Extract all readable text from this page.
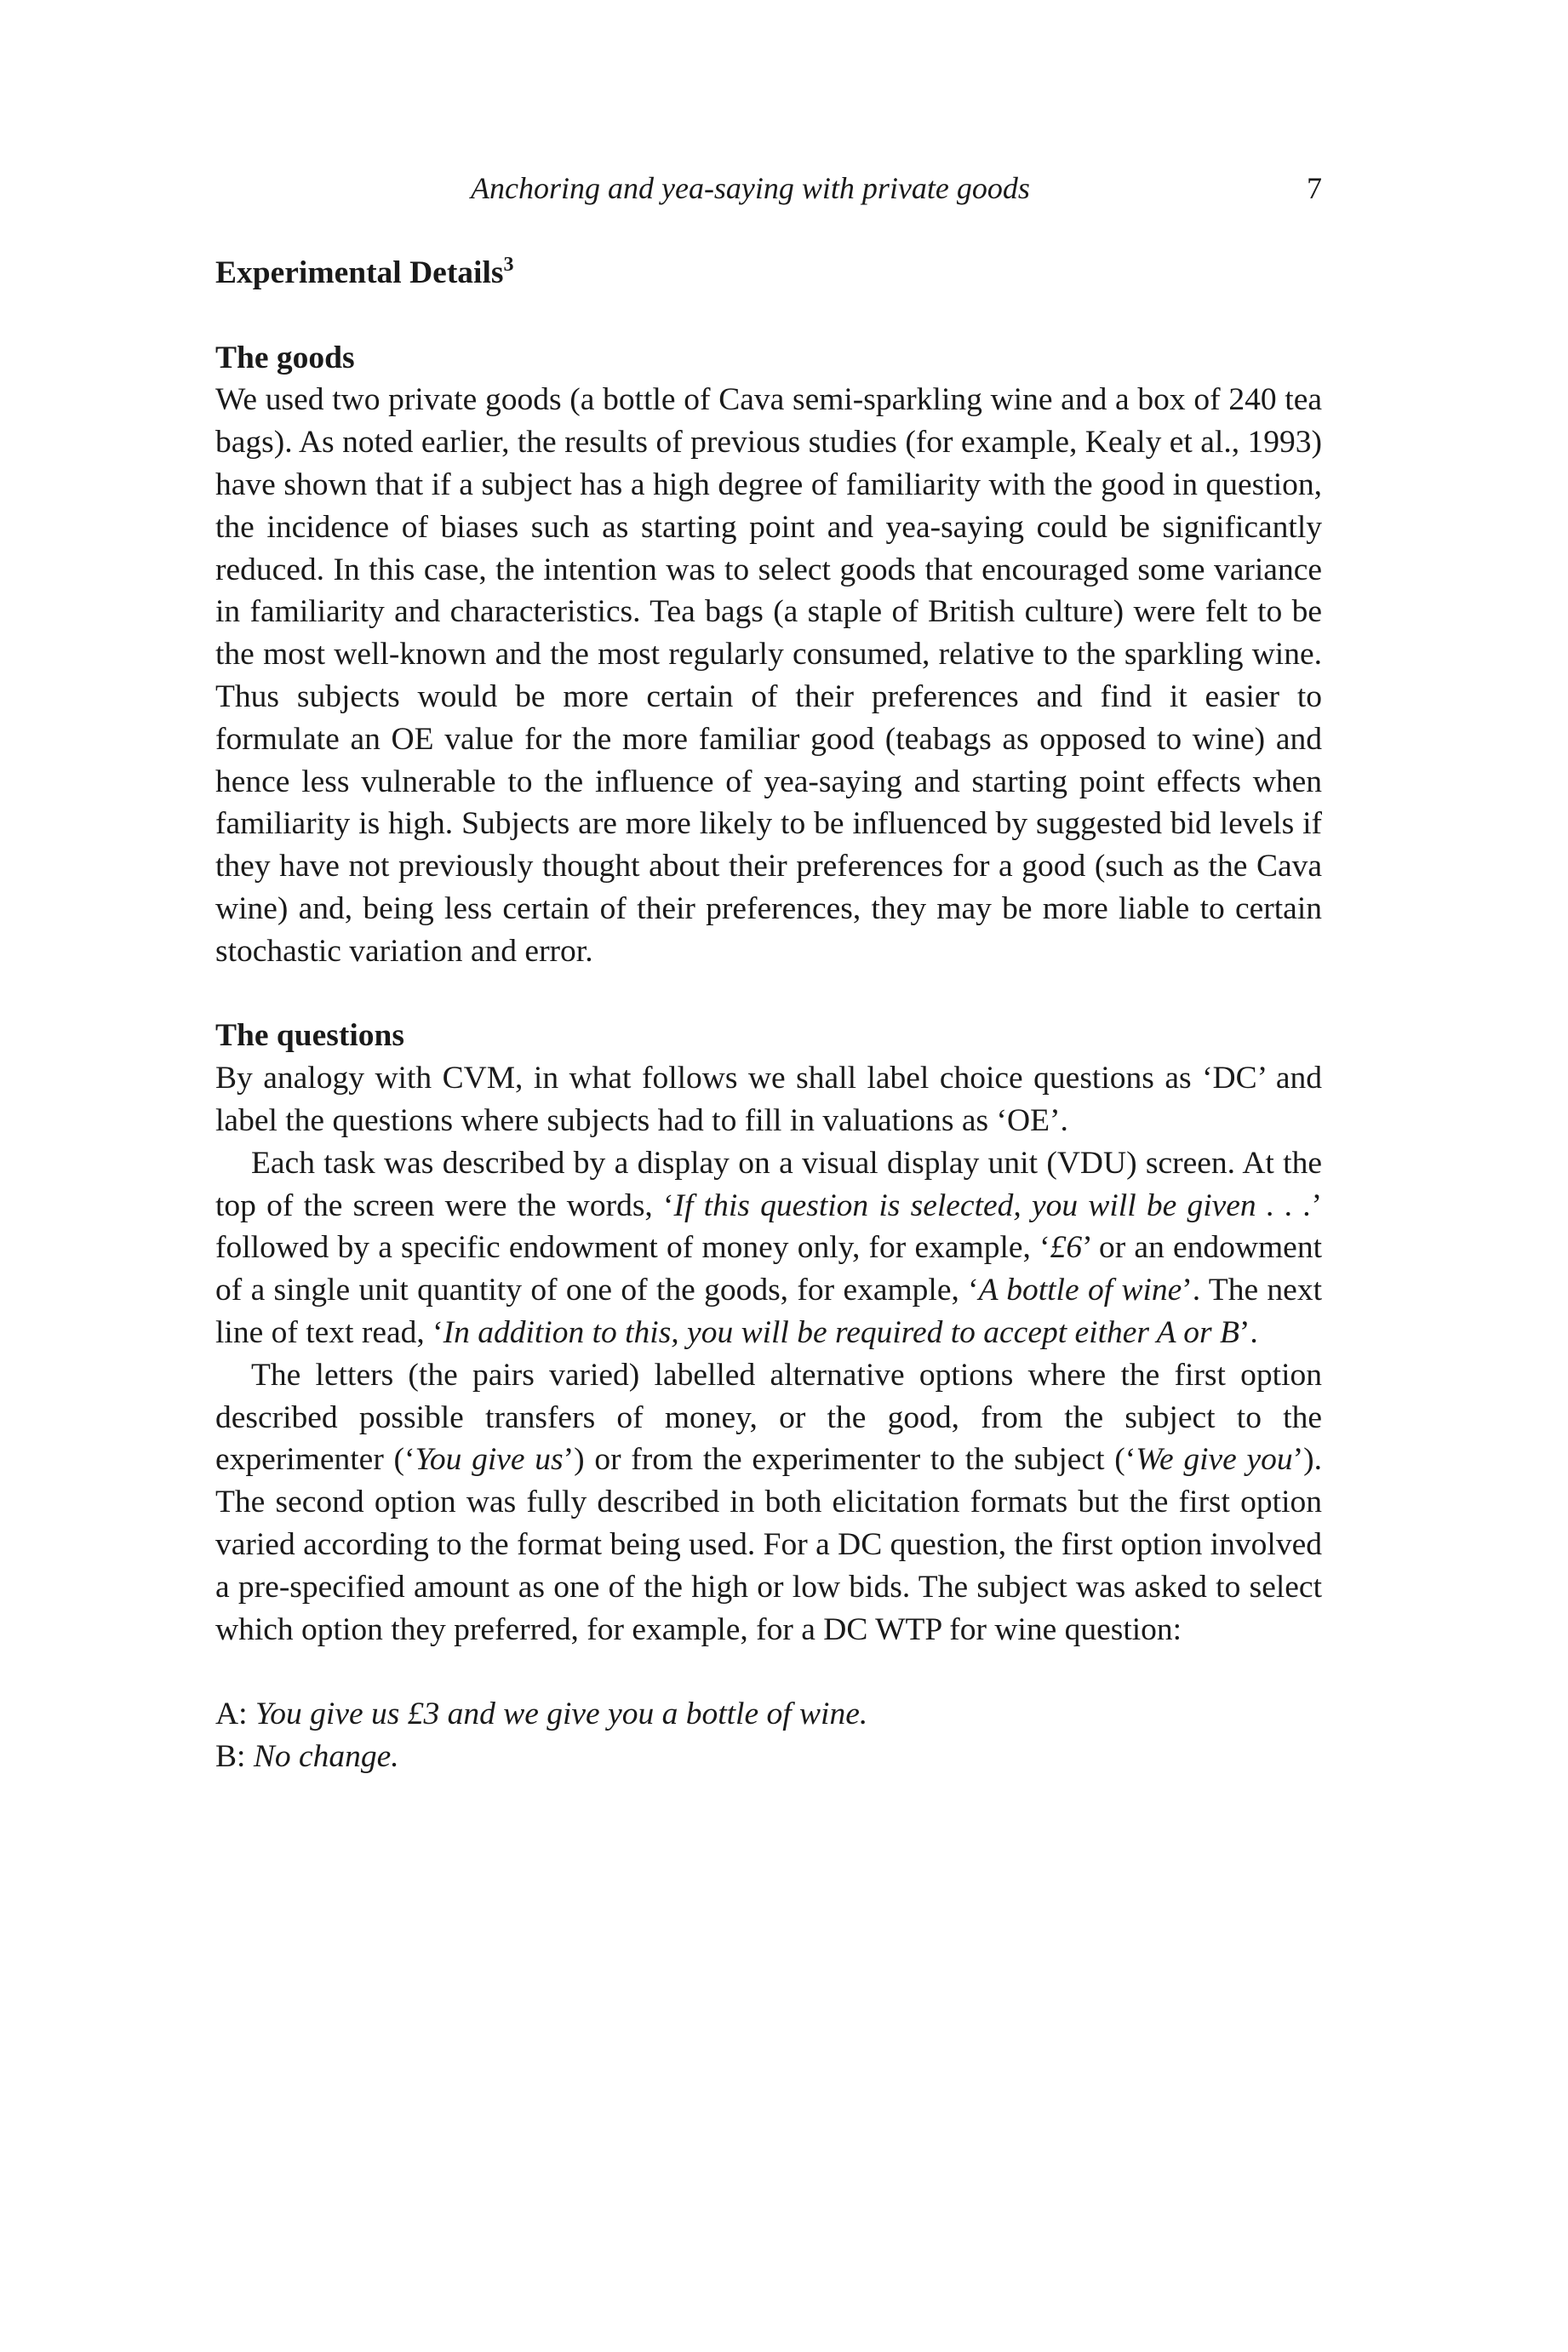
Anchoring and yea-saying with private goods	7
Experimental Details$^3$
The goods

We used two private goods (a bottle of Cava semi-sparkling wine and a box of 240 tea bags). As noted earlier, the results of previous studies (for example, Kealy et al., 1993) have shown that if a subject has a high degree of familiarity with the good in question, the incidence of biases such as starting point and yea-saying could be significantly reduced. In this case, the intention was to select goods that encouraged some variance in familiarity and characteristics. Tea bags (a staple of British culture) were felt to be the most well-known and the most regularly consumed, relative to the sparkling wine. Thus subjects would be more certain of their preferences and find it easier to formulate an OE value for the more familiar good (teabags as opposed to wine) and hence less vulnerable to the influence of yea-saying and starting point effects when familiarity is high. Subjects are more likely to be influenced by suggested bid levels if they have not previously thought about their preferences for a good (such as the Cava wine) and, being less certain of their preferences, they may be more liable to certain stochastic variation and error.

The questions

By analogy with CVM, in what follows we shall label choice questions as ‘DC’ and label the questions where subjects had to fill in valuations as ‘OE’.

Each task was described by a display on a visual display unit (VDU) screen. At the top of the screen were the words, ‘If this question is selected, you will be given . . .’ followed by a specific endowment of money only, for example, ‘£6’ or an endowment of a single unit quantity of one of the goods, for example, ‘A bottle of wine’. The next line of text read, ‘In addition to this, you will be required to accept either A or B’.

The letters (the pairs varied) labelled alternative options where the first option described possible transfers of money, or the good, from the subject to the experimenter (‘You give us’) or from the experimenter to the subject (‘We give you’). The second option was fully described in both elicitation formats but the first option varied according to the format being used. For a DC question, the first option involved a pre-specified amount as one of the high or low bids. The subject was asked to select which option they preferred, for example, for a DC WTP for wine question:

A: You give us £3 and we give you a bottle of wine.

B: No change.
